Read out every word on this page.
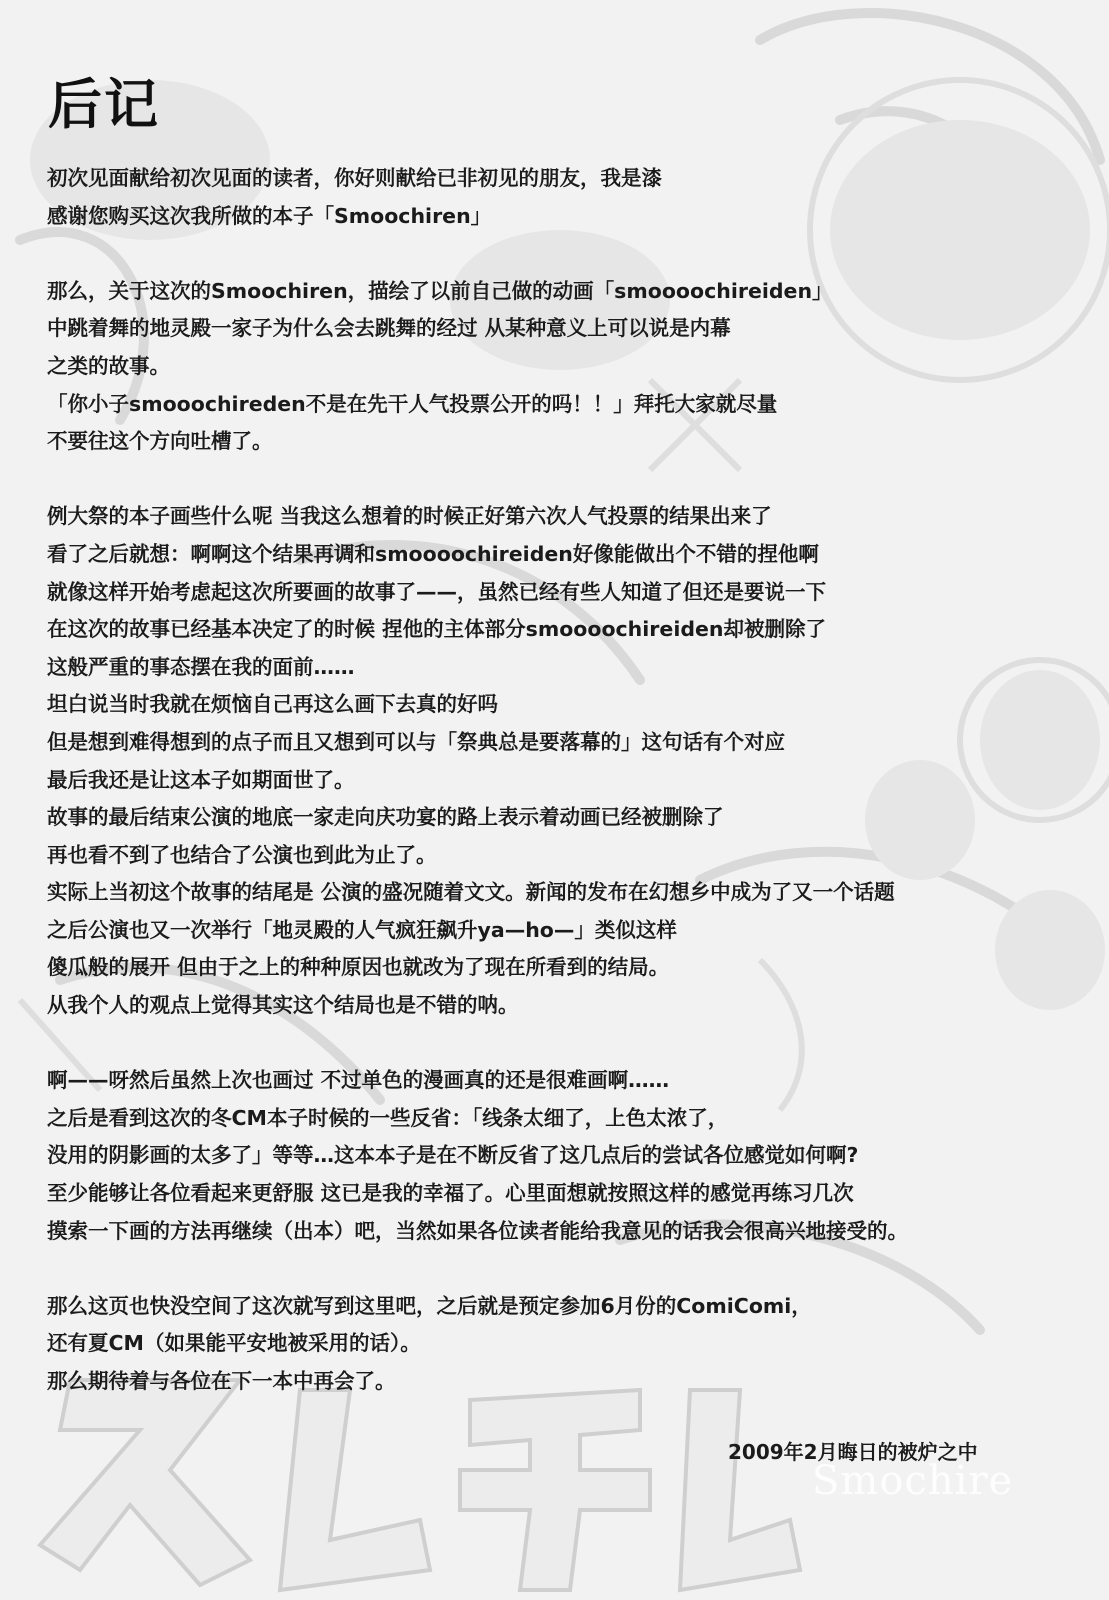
后记

初次见面献给初次见面的读者，你好则献给已非初见的朋友，我是漆
感谢您购买这次我所做的本子「Smoochiren」

那么，关于这次的Smoochiren，描绘了以前自己做的动画「smoooochireiden」
中跳着舞的地灵殿一家子为什么会去跳舞的经过 从某种意义上可以说是内幕
之类的故事。
「你小子smooochireden不是在先干人气投票公开的吗！！」拜托大家就尽量
不要往这个方向吐槽了。

例大祭的本子画些什么呢 当我这么想着的时候正好第六次人气投票的结果出来了
看了之后就想：啊啊这个结果再调和smoooochireiden好像能做出个不错的捏他啊
就像这样开始考虑起这次所要画的故事了——，虽然已经有些人知道了但还是要说一下
在这次的故事已经基本决定了的时候 捏他的主体部分smoooochireiden却被删除了
这般严重的事态摆在我的面前……
坦白说当时我就在烦恼自己再这么画下去真的好吗
但是想到难得想到的点子而且又想到可以与「祭典总是要落幕的」这句话有个对应
最后我还是让这本子如期面世了。
故事的最后结束公演的地底一家走向庆功宴的路上表示着动画已经被删除了
再也看不到了也结合了公演也到此为止了。
实际上当初这个故事的结尾是 公演的盛况随着文文。新闻的发布在幻想乡中成为了又一个话题
之后公演也又一次举行「地灵殿的人气疯狂飙升ya—ho—」类似这样
傻瓜般的展开 但由于之上的种种原因也就改为了现在所看到的结局。
从我个人的观点上觉得其实这个结局也是不错的呐。

啊——呀然后虽然上次也画过 不过单色的漫画真的还是很难画啊……
之后是看到这次的冬CM本子时候的一些反省：「线条太细了，上色太浓了，
没用的阴影画的太多了」等等…这本本子是在不断反省了这几点后的尝试各位感觉如何啊?
至少能够让各位看起来更舒服 这已是我的幸福了。心里面想就按照这样的感觉再练习几次
摸索一下画的方法再继续（出本）吧，当然如果各位读者能给我意见的话我会很高兴地接受的。

那么这页也快没空间了这次就写到这里吧，之后就是预定参加6月份的ComiComi，
还有夏CM（如果能平安地被采用的话）。
那么期待着与各位在下一本中再会了。

2009年2月晦日的被炉之中
Smochire
